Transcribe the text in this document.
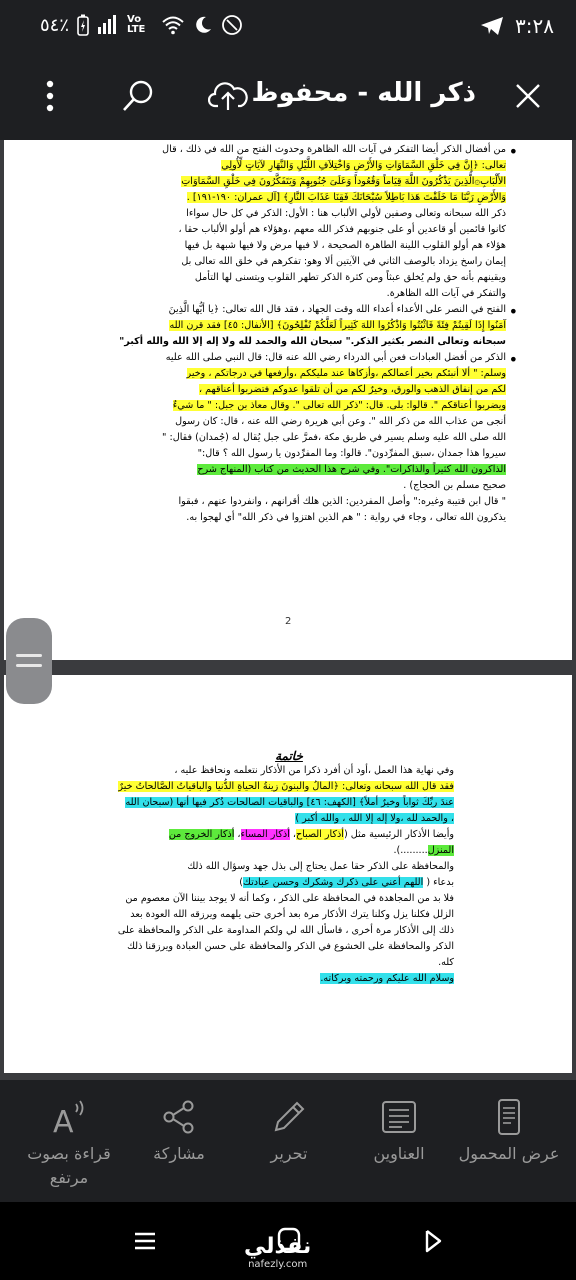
٣:٢٨
٥٤٪	Vo LTE
ذكر الله - محفوظ

• من أفضال الذكر أيضا التفكر في آيات الله الظاهرة وحدوث الفتح من الله في ذلك ، قال

تعالى: ﴿إِنَّ فِي خَلْقِ السَّمَاوَاتِ وَالأَرْضِ وَاخْتِلاَفِ اللَّيْلِ وَالنَّهَارِ لآيَاتٍ لِّأُولِي

الأَلْبَابِ۞الَّذِينَ يَذْكُرُونَ اللَّهَ قِيَاماً وَقُعُوداً وَعَلَىَ جُنُوبِهِمْ وَيَتَفَكَّرُونَ فِي خَلْقِ السَّمَاوَاتِ

وَالأَرْضِ رَبَّنَا مَا خَلَقْتَ هَذا بَاطِلاً سُبْحَانَكَ فَقِنَا عَذَابَ النَّارِ﴾ [آل عمران: ١٩٠-١٩١] .

ذكر الله سبحانه وتعالى وصفين لأولي الألباب هنا : الأول: الذكر في كل حال سواءا

كانوا قائمين أو قاعدين أو على جنوبهم فذكر الله معهم ،وهؤلاء هم أولو الألباب حقا ،

هؤلاء هم أولو القلوب اللينة الطاهرة الصحيحة ، لا فيها مرض ولا فيها شبهة بل فيها

إيمان راسخ يزداد بالوصف الثاني في الآيتين ألا وهو: تفكرهم في خلق الله تعالى بل

ويقينهم بأنه حق ولم يُخلق عبثاً ومن كثرة الذكر تطهر القلوب ويتسنى لها التأمل

والتفكر في آيات الله الظاهرة.

• الفتح في النصر على الأعداء أعداء الله وقت الجهاد ، فقد قال الله تعالى: ﴿يا أيُّها الَّذِينَ

آمَنُوا إِذَا لَقِيتُمْ فِئَةً فَاثْبُتُوا وَاذْكُرُوا اللهَ كَثِيراً لَعَلَّكُمْ تُفْلِحُونَ﴾ [الأنفال: ٤٥] فقد قرن الله

سبحانه وتعالى النصر بكثير الذكر." سبحان الله والحمد لله ولا إله إلا الله والله أكبر"

• الذكر من أفضل العبادات فعن أبي الدرداء رضي الله عنه قال: قال النبي صلى الله عليه

وسلم: " ألا أنبئكم بخير أعمالكم ،وأزكاها عند مليككم ،وأرفعها في درجاتكم ، وخير

لكم من إنفاق الذهب والورق، وخيرٌ لكم من أن تلقوا عدوكم فتضربوا أعناقهم ،

ويضربوا أعناقكم ". قالوا: بلى. قال: "ذكر الله تعالى ". وقال معاذ بن جبل: " ما شيءٌ

أنجى من عذاب الله من ذكر الله ". وعن أبي هريرة رضي الله عنه ، قال: كان رسول

الله صلى الله عليه وسلم يسير في طريق مكة ،فمرَّ على جبل يُقال له (جُمدان) فقال: "

سيروا هذا جمدان ،سبق المفرِّدون". قالوا: وما المفرِّدون يا رسول الله ؟ قال:"

الذاكرون الله كثيراً والذاكرات". وفي شرح هذا الحديث من كتاب (المنهاج شرح

صحيح مسلم بن الحجاج) .

" قال ابن قتيبة وغيره:" وأصل المفردين: الذين هلك أقرانهم ، وانفردوا عنهم ، فبقوا

يذكرون الله تعالى ، وجاء في رواية : " هم الذين اهتزوا في ذكر الله" أي لهجوا به.

2
خاتمة

وفي نهاية هذا العمل ،أود أن أفرد ذكرا من الأذكار نتعلمه ونحافظ عليه ،

فقد قال الله سبحانه وتعالى: ﴿المالُ والبنونَ زينةُ الحياةِ الدُّنيا والباقياتُ الصَّالحاتُ خيرٌ

عندَ ربِّكَ ثواباً وخيرٌ أملاً﴾ [الكهف: ٤٦] والباقيات الصالحات ذُكر فيها أنها (سبحان الله

، والحمد لله ،ولا إله إلا الله ، والله أكبر )

وأيضا الأذكار الرئيسية مثل (أذكار الصباح، أذكار المساء، أذكار الخروج من

المنزل.........).

والمحافظة على الذكر حقا عمل يحتاج إلى بذل جهد وسؤال الله ذلك

بدعاء ( اللهم أعني على ذكرك وشكرك وحسن عبادتك)

فلا بد من المجاهدة في المحافظة على الذكر ، وكما أنه لا يوجد بيننا الآن معصوم من

الزلل فكلنا يزل وكلنا يترك الأذكار مرة بعد أخرى حتى يلهمه ويرزقه الله العودة بعد

ذلك إلى الأذكار مرة أخرى ، فاسأل الله لي ولكم المداومة على الذكر والمحافظة على

الذكر والمحافظة على الخشوع في الذكر والمحافظة على حسن العبادة ويرزقنا ذلك

كله.

وسلام الله عليكم ورحمته وبركاته.

عرض المحمول
العناوين
تحرير
مشاركة
A
قراءة بصوت مرتفع
نفذلي
nafezly.com
